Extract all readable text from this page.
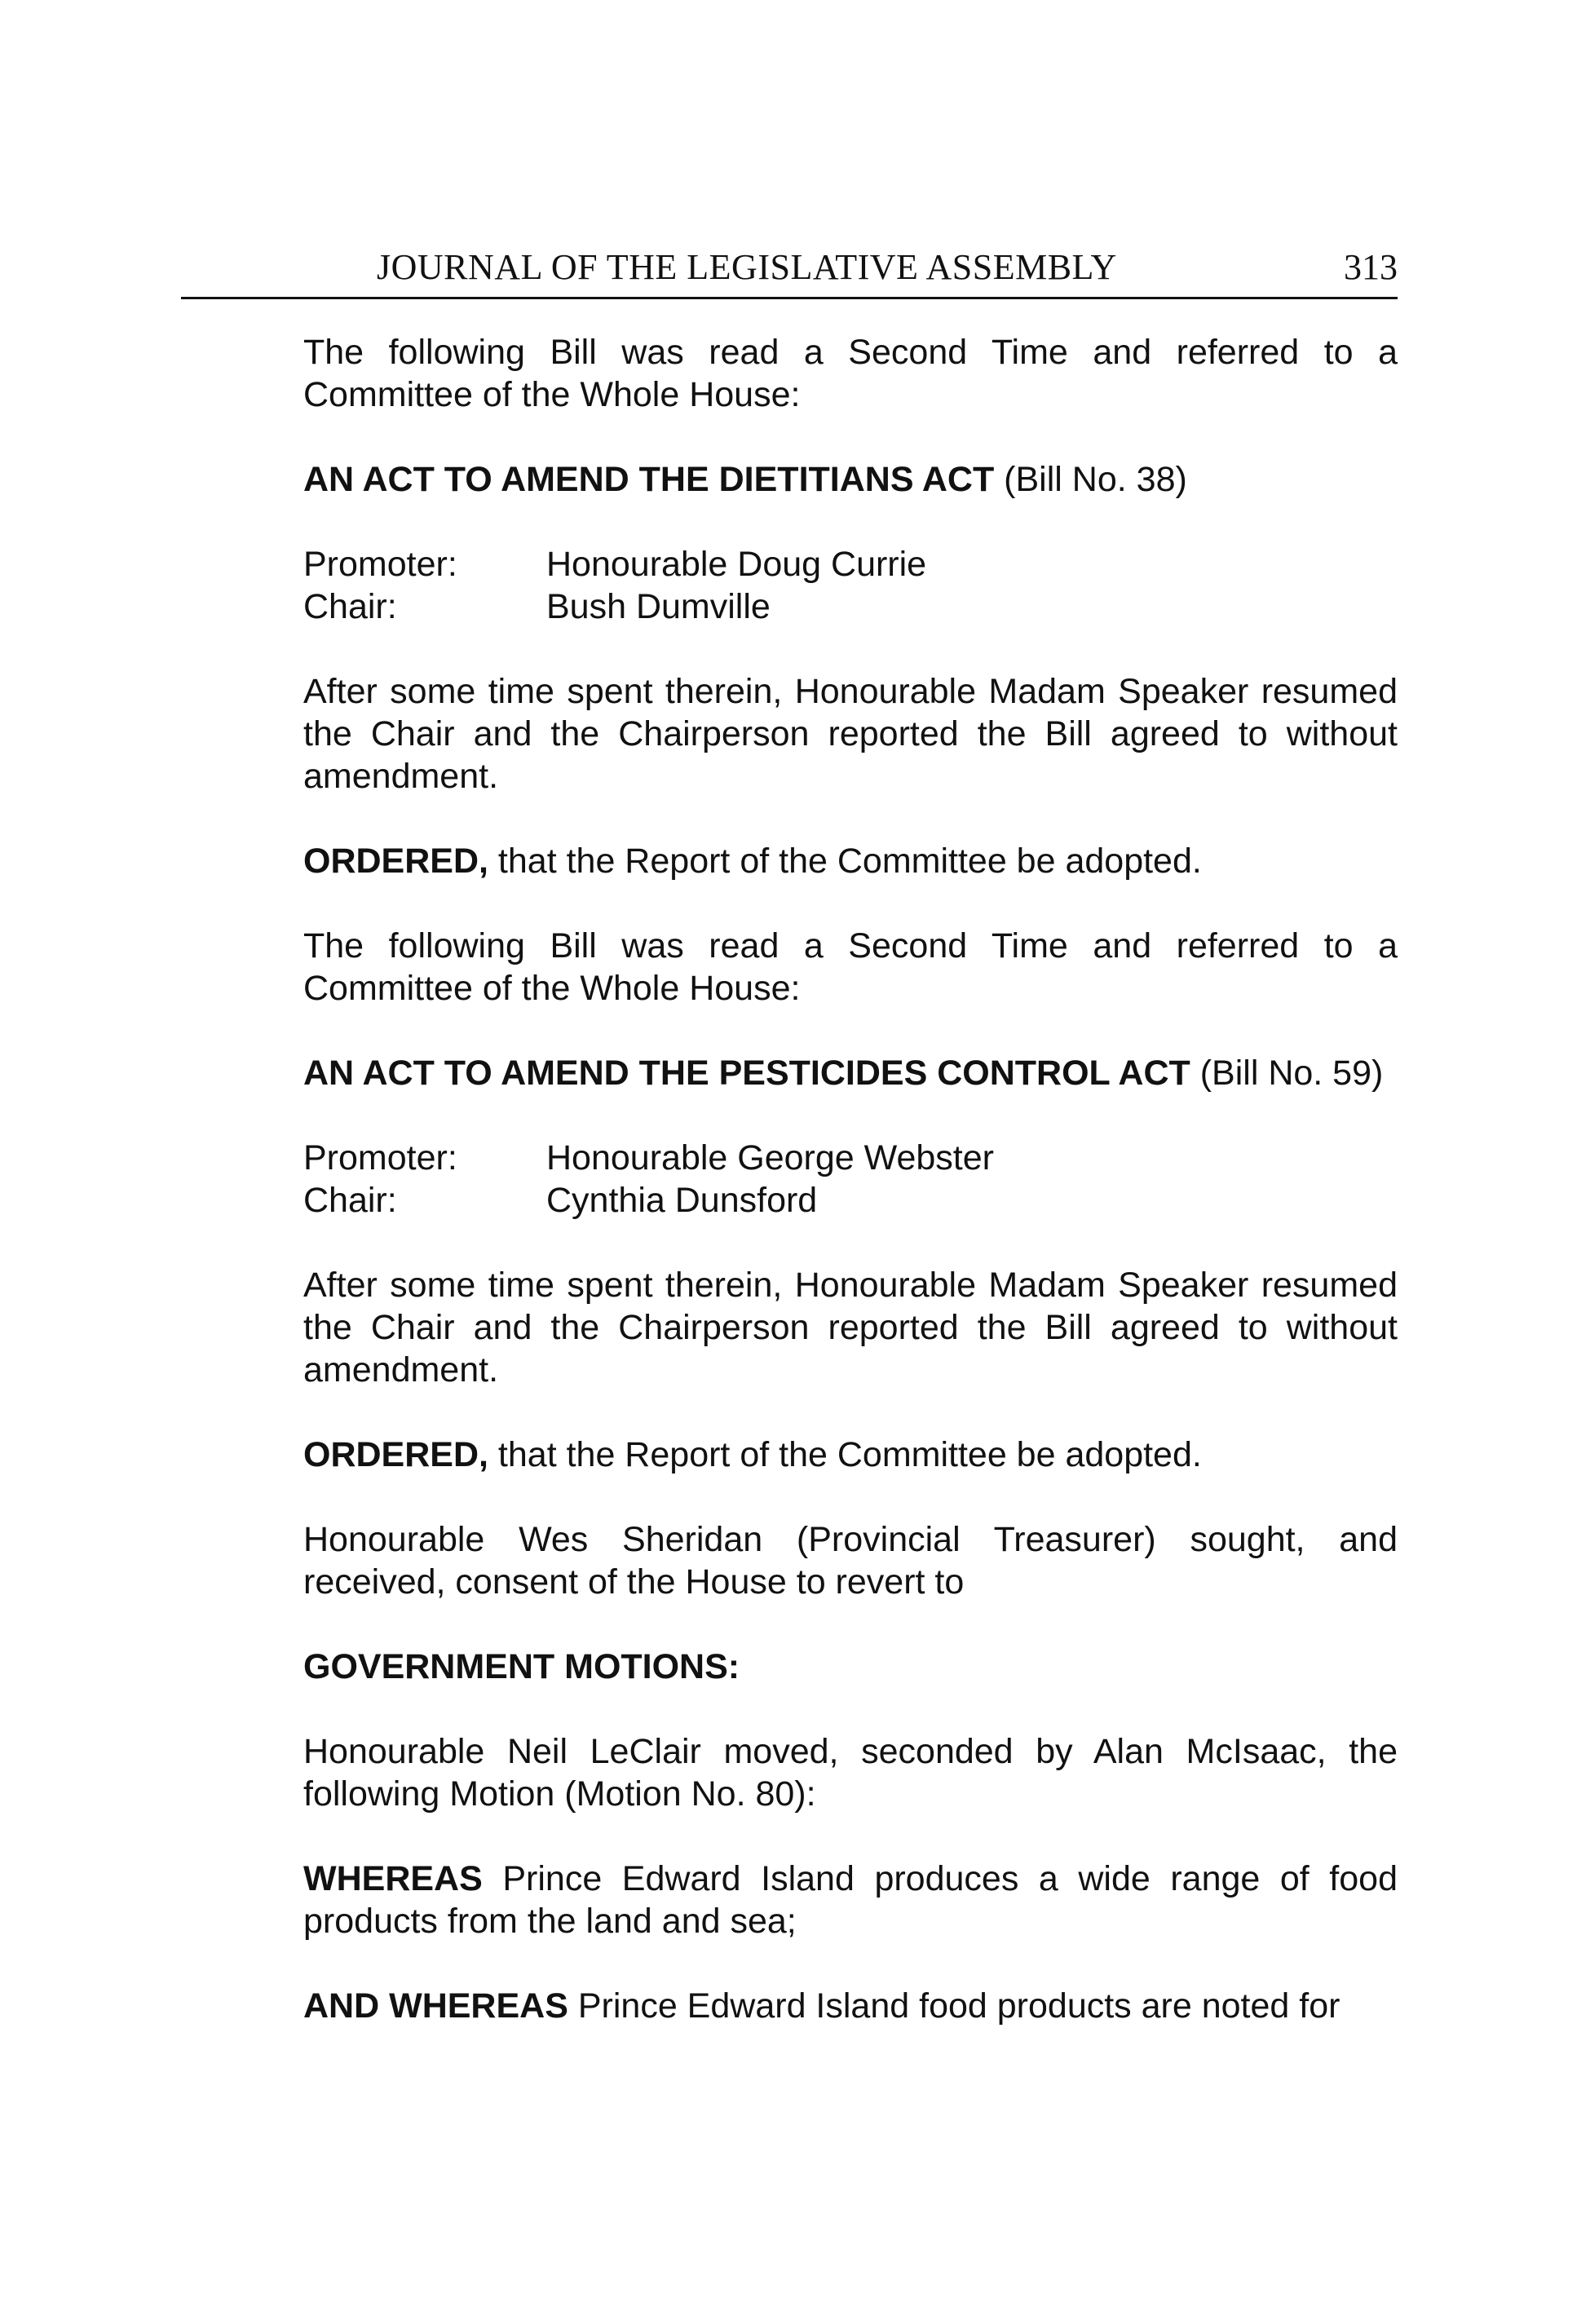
JOURNAL OF THE LEGISLATIVE ASSEMBLY	313

The following Bill was read a Second Time and referred to a Committee of the Whole House:

AN ACT TO AMEND THE DIETITIANS ACT (Bill No. 38)

Promoter:	Honourable Doug Currie
Chair:	Bush Dumville

After some time spent therein, Honourable Madam Speaker resumed the Chair and the Chairperson reported the Bill agreed to without amendment.

ORDERED, that the Report of the Committee be adopted.

The following Bill was read a Second Time and referred to a Committee of the Whole House:

AN ACT TO AMEND THE PESTICIDES CONTROL ACT (Bill No. 59)

Promoter:	Honourable George Webster
Chair:	Cynthia Dunsford

After some time spent therein, Honourable Madam Speaker resumed the Chair and the Chairperson reported the Bill agreed to without amendment.

ORDERED, that the Report of the Committee be adopted.

Honourable Wes Sheridan (Provincial Treasurer) sought, and received, consent of the House to revert to

GOVERNMENT MOTIONS:

Honourable Neil LeClair moved, seconded by Alan McIsaac, the following Motion (Motion No. 80):

WHEREAS Prince Edward Island produces a wide range of food products from the land and sea;

AND WHEREAS Prince Edward Island food products are noted for
